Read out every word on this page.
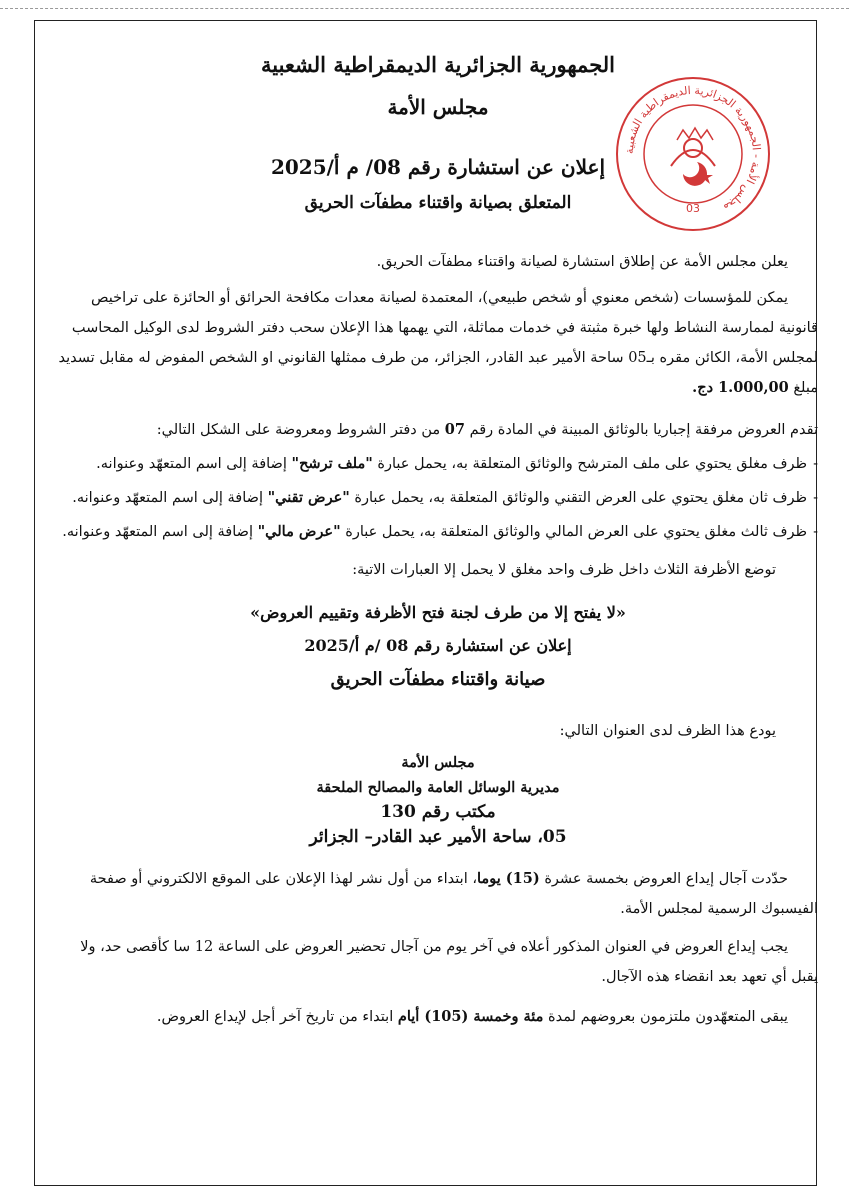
مجلس الأمة - الجمهورية الجزائرية الديمقراطية الشعبية
03
الجمهورية الجزائرية الديمقراطية الشعبية
مجلس الأمة
إعلان عن استشارة رقم 08/ م أ/2025
المتعلق بصيانة واقتناء مطفآت الحريق

يعلن مجلس الأمة عن إطلاق استشارة لصيانة واقتناء مطفآت الحريق.

يمكن للمؤسسات (شخص معنوي أو شخص طبيعي)، المعتمدة لصيانة معدات مكافحة الحرائق أو الحائزة على تراخيص قانونية لممارسة النشاط ولها خبرة مثبتة في خدمات مماثلة، التي يهمها هذا الإعلان سحب دفتر الشروط لدى الوكيل المحاسب لمجلس الأمة، الكائن مقره بـ05 ساحة الأمير عبد القادر، الجزائر، من طرف ممثلها القانوني او الشخص المفوض له مقابل تسديد مبلغ 1.000,00 دج.

تقدم العروض مرفقة إجباريا بالوثائق المبينة في المادة رقم 07 من دفتر الشروط ومعروضة على الشكل التالي:

-ظرف مغلق يحتوي على ملف المترشح والوثائق المتعلقة به، يحمل عبارة "ملف ترشح" إضافة إلى اسم المتعهّد وعنوانه.
-ظرف ثان مغلق يحتوي على العرض التقني والوثائق المتعلقة به، يحمل عبارة "عرض تقني" إضافة إلى اسم المتعهّد وعنوانه.
-ظرف ثالث مغلق يحتوي على العرض المالي والوثائق المتعلقة به، يحمل عبارة "عرض مالي" إضافة إلى اسم المتعهّد وعنوانه.

توضع الأظرفة الثلاث داخل ظرف واحد مغلق لا يحمل إلا العبارات الاتية:

«لا يفتح إلا من طرف لجنة فتح الأظرفة وتقييم العروض»
إعلان عن استشارة رقم 08 /م أ/2025
صيانة واقتناء مطفآت الحريق

يودع هذا الظرف لدى العنوان التالي:

مجلس الأمة
مديرية الوسائل العامة والمصالح الملحقة
مكتب رقم 130
05، ساحة الأمير عبد القادر– الجزائر

حدّدت آجال إيداع العروض بخمسة عشرة (15) يوما، ابتداء من أول نشر لهذا الإعلان على الموقع الالكتروني أو صفحة الفيسبوك الرسمية لمجلس الأمة.

يجب إيداع العروض في العنوان المذكور أعلاه في آخر يوم من آجال تحضير العروض على الساعة 12 سا كأقصى حد، ولا يقبل أي تعهد بعد انقضاء هذه الآجال.

يبقى المتعهّدون ملتزمون بعروضهم لمدة مئة وخمسة (105) أيام ابتداء من تاريخ آخر أجل لإيداع العروض.
